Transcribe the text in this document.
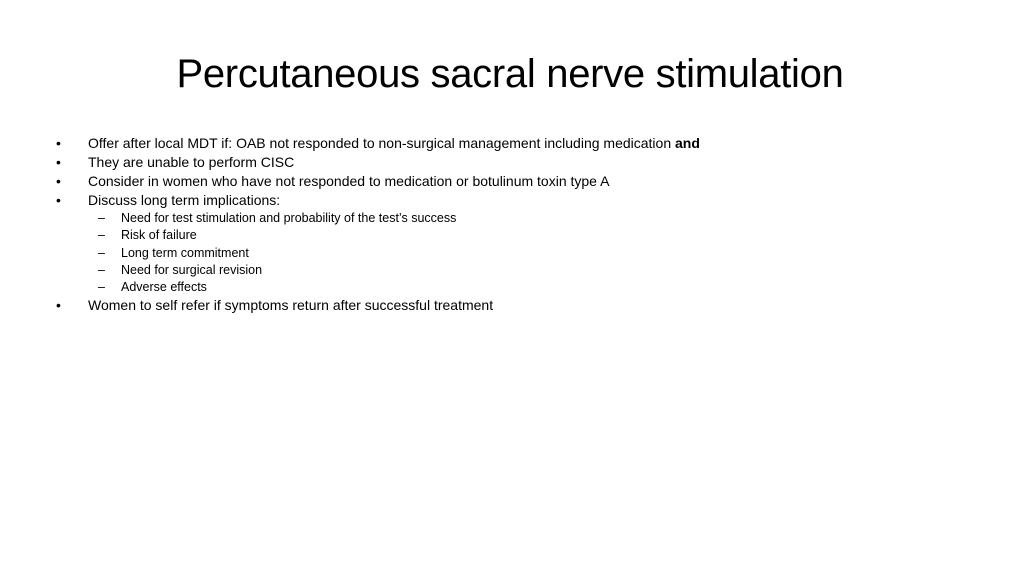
Percutaneous sacral nerve stimulation
•	Offer after local MDT if: OAB not responded to non-surgical management including medication and
•	They are unable to perform CISC
•	Consider in women who have not responded to medication or botulinum toxin type A
•	Discuss long term implications:
– Need for test stimulation and probability of the test’s success
– Risk of failure
– Long term commitment
– Need for surgical revision
– Adverse effects
•	Women to self refer if symptoms return after successful treatment
